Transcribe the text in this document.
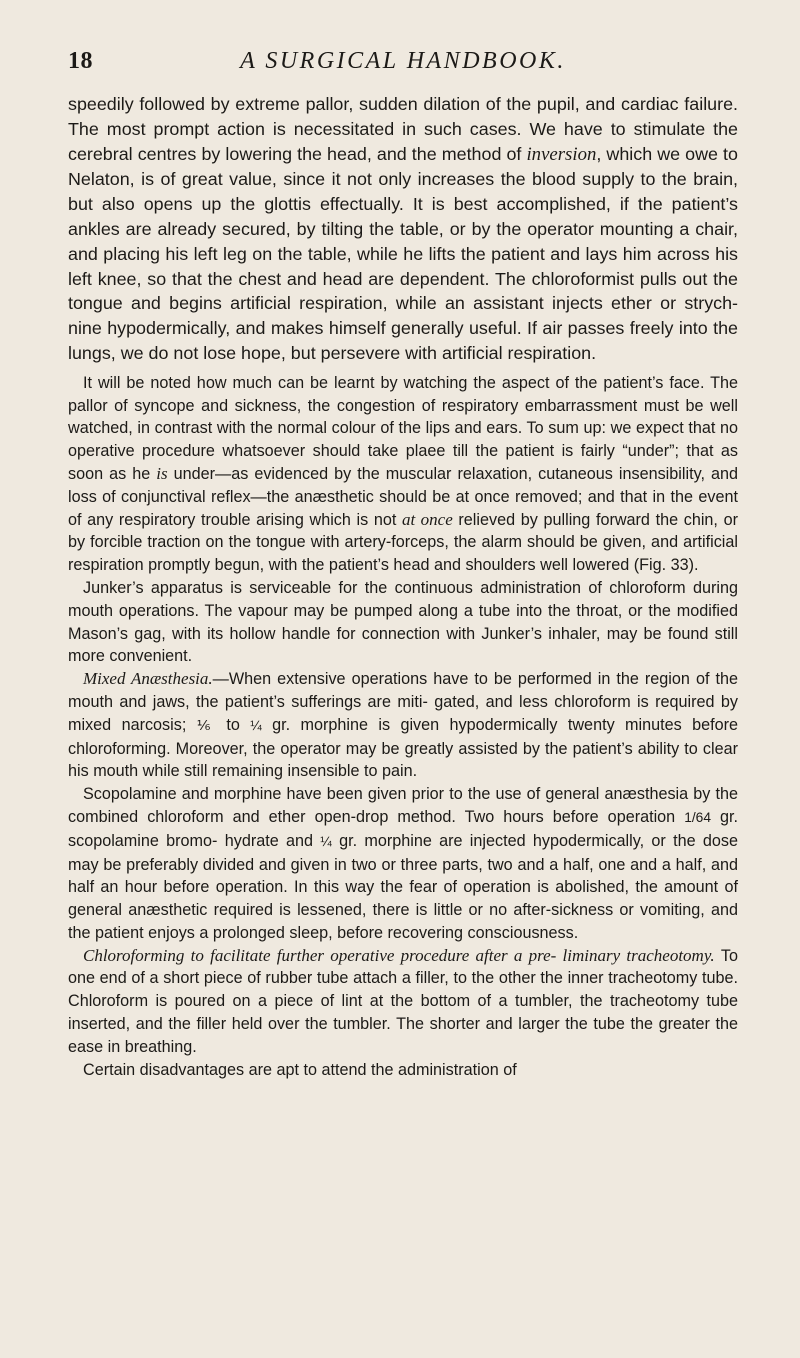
18	A SURGICAL HANDBOOK.

speedily followed by extreme pallor, sudden dilation of the pupil, and cardiac failure. The most prompt action is necessitated in such cases. We have to stimulate the cerebral centres by lowering the head, and the method of inversion, which we owe to Nelaton, is of great value, since it not only increases the blood supply to the brain, but also opens up the glottis effectually. It is best accomplished, if the patient’s ankles are already secured, by tilting the table, or by the operator mounting a chair, and placing his left leg on the table, while he lifts the patient and lays him across his left knee, so that the chest and head are dependent. The chloroformist pulls out the tongue and begins artificial respiration, while an assistant injects ether or strych- nine hypodermically, and makes himself generally useful. If air passes freely into the lungs, we do not lose hope, but persevere with artificial respiration.

It will be noted how much can be learnt by watching the aspect of the patient’s face. The pallor of syncope and sickness, the congestion of respiratory embarrassment must be well watched, in contrast with the normal colour of the lips and ears. To sum up: we expect that no operative procedure whatsoever should take plaee till the patient is fairly “under”; that as soon as he is under—as evidenced by the muscular relaxation, cutaneous insensibility, and loss of conjunctival reflex—the anæsthetic should be at once removed; and that in the event of any respiratory trouble arising which is not at once relieved by pulling forward the chin, or by forcible traction on the tongue with artery-forceps, the alarm should be given, and artificial respiration promptly begun, with the patient’s head and shoulders well lowered (Fig. 33).

Junker’s apparatus is serviceable for the continuous administration of chloroform during mouth operations. The vapour may be pumped along a tube into the throat, or the modified Mason’s gag, with its hollow handle for connection with Junker’s inhaler, may be found still more convenient.

Mixed Anæsthesia.—When extensive operations have to be performed in the region of the mouth and jaws, the patient’s sufferings are miti- gated, and less chloroform is required by mixed narcosis; ⅙ to ¼ gr. morphine is given hypodermically twenty minutes before chloroforming. Moreover, the operator may be greatly assisted by the patient’s ability to clear his mouth while still remaining insensible to pain.

Scopolamine and morphine have been given prior to the use of general anæsthesia by the combined chloroform and ether open-drop method. Two hours before operation 1/64 gr. scopolamine bromo- hydrate and ¼ gr. morphine are injected hypodermically, or the dose may be preferably divided and given in two or three parts, two and a half, one and a half, and half an hour before operation. In this way the fear of operation is abolished, the amount of general anæsthetic required is lessened, there is little or no after-sickness or vomiting, and the patient enjoys a prolonged sleep, before recovering consciousness.

Chloroforming to facilitate further operative procedure after a pre- liminary tracheotomy. To one end of a short piece of rubber tube attach a filler, to the other the inner tracheotomy tube. Chloroform is poured on a piece of lint at the bottom of a tumbler, the tracheotomy tube inserted, and the filler held over the tumbler. The shorter and larger the tube the greater the ease in breathing.

Certain disadvantages are apt to attend the administration of
